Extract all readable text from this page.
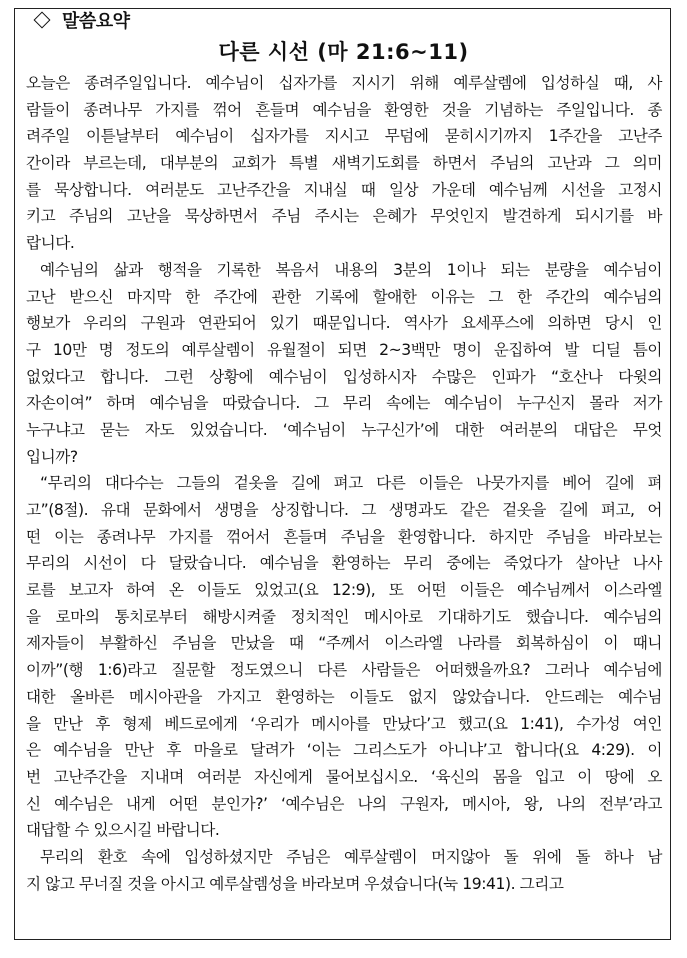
말씀요약
다른 시선 (마 21:6~11)
오늘은 종려주일입니다. 예수님이 십자가를 지시기 위해 예루살렘에 입성하실 때, 사
람들이 종려나무 가지를 꺾어 흔들며 예수님을 환영한 것을 기념하는 주일입니다. 종
려주일 이튿날부터 예수님이 십자가를 지시고 무덤에 묻히시기까지 1주간을 고난주
간이라 부르는데, 대부분의 교회가 특별 새벽기도회를 하면서 주님의 고난과 그 의미
를 묵상합니다. 여러분도 고난주간을 지내실 때 일상 가운데 예수님께 시선을 고정시
키고 주님의 고난을 묵상하면서 주님 주시는 은혜가 무엇인지 발견하게 되시기를 바
랍니다.
예수님의 삶과 행적을 기록한 복음서 내용의 3분의 1이나 되는 분량을 예수님이
고난 받으신 마지막 한 주간에 관한 기록에 할애한 이유는 그 한 주간의 예수님의
행보가 우리의 구원과 연관되어 있기 때문입니다. 역사가 요세푸스에 의하면 당시 인
구 10만 명 정도의 예루살렘이 유월절이 되면 2~3백만 명이 운집하여 발 디딜 틈이
없었다고 합니다. 그런 상황에 예수님이 입성하시자 수많은 인파가 “호산나 다윗의
자손이여” 하며 예수님을 따랐습니다. 그 무리 속에는 예수님이 누구신지 몰라 저가
누구냐고 묻는 자도 있었습니다. ‘예수님이 누구신가’에 대한 여러분의 대답은 무엇
입니까?
“무리의 대다수는 그들의 겉옷을 길에 펴고 다른 이들은 나뭇가지를 베어 길에 펴
고”(8절). 유대 문화에서 생명을 상징합니다. 그 생명과도 같은 겉옷을 길에 펴고, 어
떤 이는 종려나무 가지를 꺾어서 흔들며 주님을 환영합니다. 하지만 주님을 바라보는
무리의 시선이 다 달랐습니다. 예수님을 환영하는 무리 중에는 죽었다가 살아난 나사
로를 보고자 하여 온 이들도 있었고(요 12:9), 또 어떤 이들은 예수님께서 이스라엘
을 로마의 통치로부터 해방시켜줄 정치적인 메시아로 기대하기도 했습니다. 예수님의
제자들이 부활하신 주님을 만났을 때 “주께서 이스라엘 나라를 회복하심이 이 때니
이까”(행 1:6)라고 질문할 정도였으니 다른 사람들은 어떠했을까요? 그러나 예수님에
대한 올바른 메시아관을 가지고 환영하는 이들도 없지 않았습니다. 안드레는 예수님
을 만난 후 형제 베드로에게 ‘우리가 메시아를 만났다’고 했고(요 1:41), 수가성 여인
은 예수님을 만난 후 마을로 달려가 ‘이는 그리스도가 아니냐’고 합니다(요 4:29). 이
번 고난주간을 지내며 여러분 자신에게 물어보십시오. ‘육신의 몸을 입고 이 땅에 오
신 예수님은 내게 어떤 분인가?’ ‘예수님은 나의 구원자, 메시아, 왕, 나의 전부’라고
대답할 수 있으시길 바랍니다.
무리의 환호 속에 입성하셨지만 주님은 예루살렘이 머지않아 돌 위에 돌 하나 남
지 않고 무너질 것을 아시고 예루살렘성을 바라보며 우셨습니다(눅 19:41). 그리고
